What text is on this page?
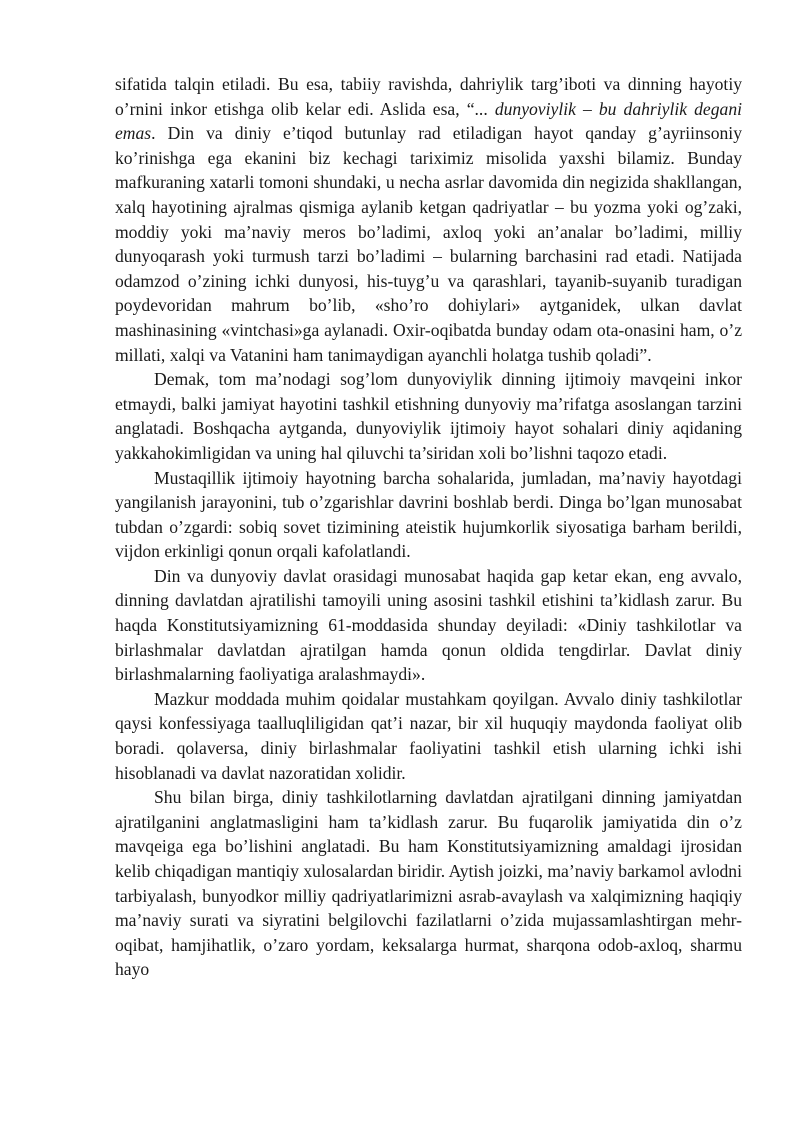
sifatida talqin etiladi. Bu esa, tabiiy ravishda, dahriylik targ’iboti va dinning hayotiy o’rnini inkor etishga olib kelar edi. Aslida esa, “... dunyoviylik – bu dahriylik degani emas. Din va diniy e’tiqod butunlay rad etiladigan hayot qanday g’ayriinsoniy ko’rinishga ega ekanini biz kechagi tariximiz misolida yaxshi bilamiz. Bunday mafkuraning xatarli tomoni shundaki, u necha asrlar davomida din negizida shakllangan, xalq hayotining ajralmas qismiga aylanib ketgan qadriyatlar – bu yozma yoki og’zaki, moddiy yoki ma’naviy meros bo’ladimi, axloq yoki an’analar bo’ladimi, milliy dunyoqarash yoki turmush tarzi bo’ladimi – bularning barchasini rad etadi. Natijada odamzod o’zining ichki dunyosi, his-tuyg’u va qarashlari, tayanib-suyanib turadigan poydevoridan mahrum bo’lib, «sho’ro dohiylari» aytganidek, ulkan davlat mashinasining «vintchasi»ga aylanadi. Oxir-oqibatda bunday odam ota-onasini ham, o’z millati, xalqi va Vatanini ham tanimaydigan ayanchli holatga tushib qoladi”.

Demak, tom ma’nodagi sog’lom dunyoviylik dinning ijtimoiy mavqeini inkor etmaydi, balki jamiyat hayotini tashkil etishning dunyoviy ma’rifatga asoslangan tarzini anglatadi. Boshqacha aytganda, dunyoviylik ijtimoiy hayot sohalari diniy aqidaning yakkahokimligidan va uning hal qiluvchi ta’siridan xoli bo’lishni taqozo etadi.

Mustaqillik ijtimoiy hayotning barcha sohalarida, jumladan, ma’naviy hayotdagi yangilanish jarayonini, tub o’zgarishlar davrini boshlab berdi. Dinga bo’lgan munosabat tubdan o’zgardi: sobiq sovet tizimining ateistik hujumkorlik siyosatiga barham berildi, vijdon erkinligi qonun orqali kafolatlandi.

Din va dunyoviy davlat orasidagi munosabat haqida gap ketar ekan, eng avvalo, dinning davlatdan ajratilishi tamoyili uning asosini tashkil etishini ta’kidlash zarur. Bu haqda Konstitutsiyamizning 61-moddasida shunday deyiladi: «Diniy tashkilotlar va birlashmalar davlatdan ajratilgan hamda qonun oldida tengdirlar. Davlat diniy birlashmalarning faoliyatiga aralashmaydi».

Mazkur moddada muhim qoidalar mustahkam qoyilgan. Avvalo diniy tashkilotlar qaysi konfessiyaga taalluqliligidan qat’i nazar, bir xil huquqiy maydonda faoliyat olib boradi. qolaversa, diniy birlashmalar faoliyatini tashkil etish ularning ichki ishi hisoblanadi va davlat nazoratidan xolidir.

Shu bilan birga, diniy tashkilotlarning davlatdan ajratilgani dinning jamiyatdan ajratilganini anglatmasligini ham ta’kidlash zarur. Bu fuqarolik jamiyatida din o’z mavqeiga ega bo’lishini anglatadi. Bu ham Konstitutsiyamizning amaldagi ijrosidan kelib chiqadigan mantiqiy xulosalardan biridir. Aytish joizki, ma’naviy barkamol avlodni tarbiyalash, bunyodkor milliy qadriyatlarimizni asrab-avaylash va xalqimizning haqiqiy ma’naviy surati va siyratini belgilovchi fazilatlarni o’zida mujassamlashtirgan mehr-oqibat, hamjihatlik, o’zaro yordam, keksalarga hurmat, sharqona odob-axloq, sharmu hayo
